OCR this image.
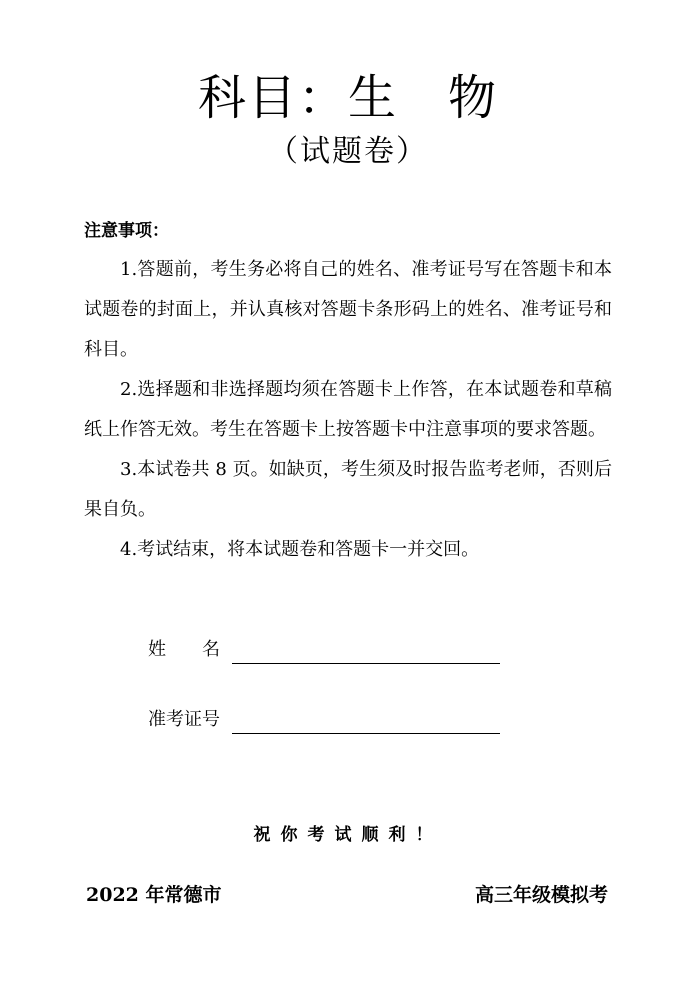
科目：生　物
（试题卷）
注意事项：

1.答题前，考生务必将自己的姓名、准考证号写在答题卡和本试题卷的封面上，并认真核对答题卡条形码上的姓名、准考证号和科目。

2.选择题和非选择题均须在答题卡上作答，在本试题卷和草稿纸上作答无效。考生在答题卡上按答题卡中注意事项的要求答题。

3.本试卷共 8 页。如缺页，考生须及时报告监考老师，否则后果自负。

4.考试结束，将本试题卷和答题卡一并交回。

姓　　名
准考证号
祝你考试顺利！
2022 年常德市	高三年级模拟考
